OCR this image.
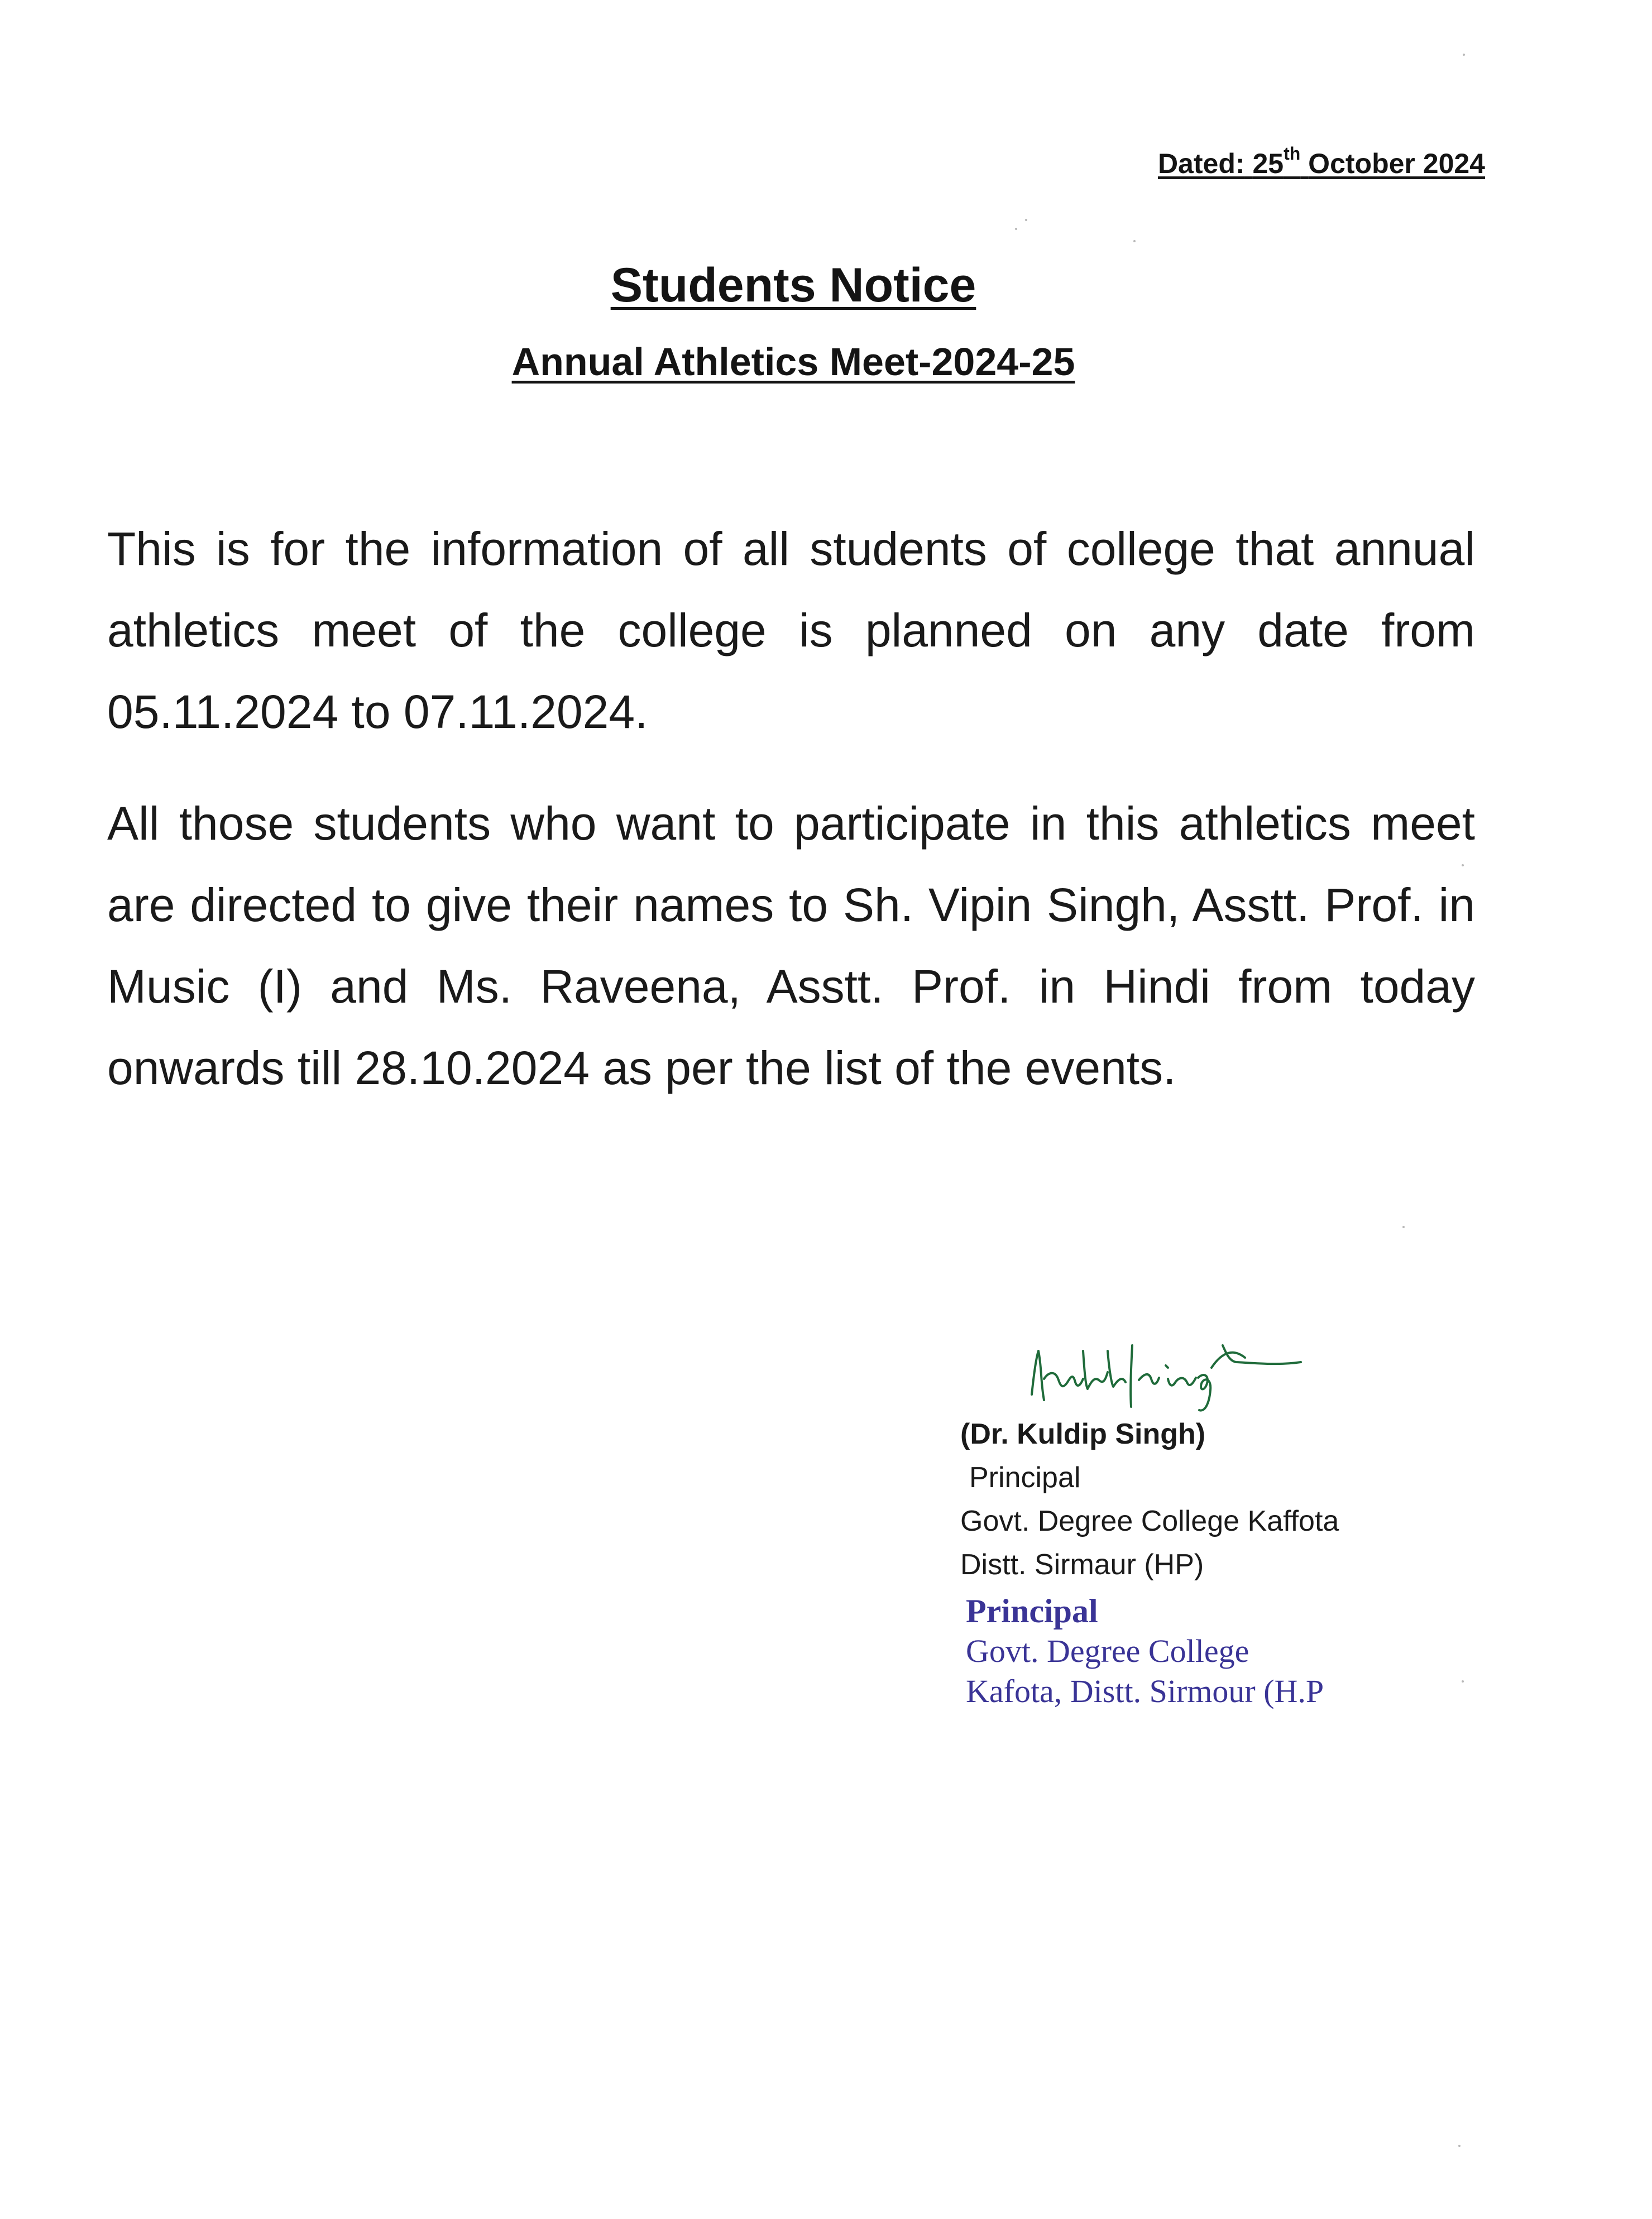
Dated: 25th October 2024
Students Notice
Annual Athletics Meet-2024-25
This is for the information of all students of college that annual athletics meet of the college is planned on any date from 05.11.2024 to 07.11.2024.
All those students who want to participate in this athletics meet are directed to give their names to Sh. Vipin Singh, Asstt. Prof. in Music (I) and Ms. Raveena, Asstt. Prof. in Hindi from today onwards till 28.10.2024 as per the list of the events.
(Dr. Kuldip Singh)
Principal
Govt. Degree College Kaffota
Distt. Sirmaur (HP)
Principal
Govt. Degree College
Kafota, Distt. Sirmour (H.P
